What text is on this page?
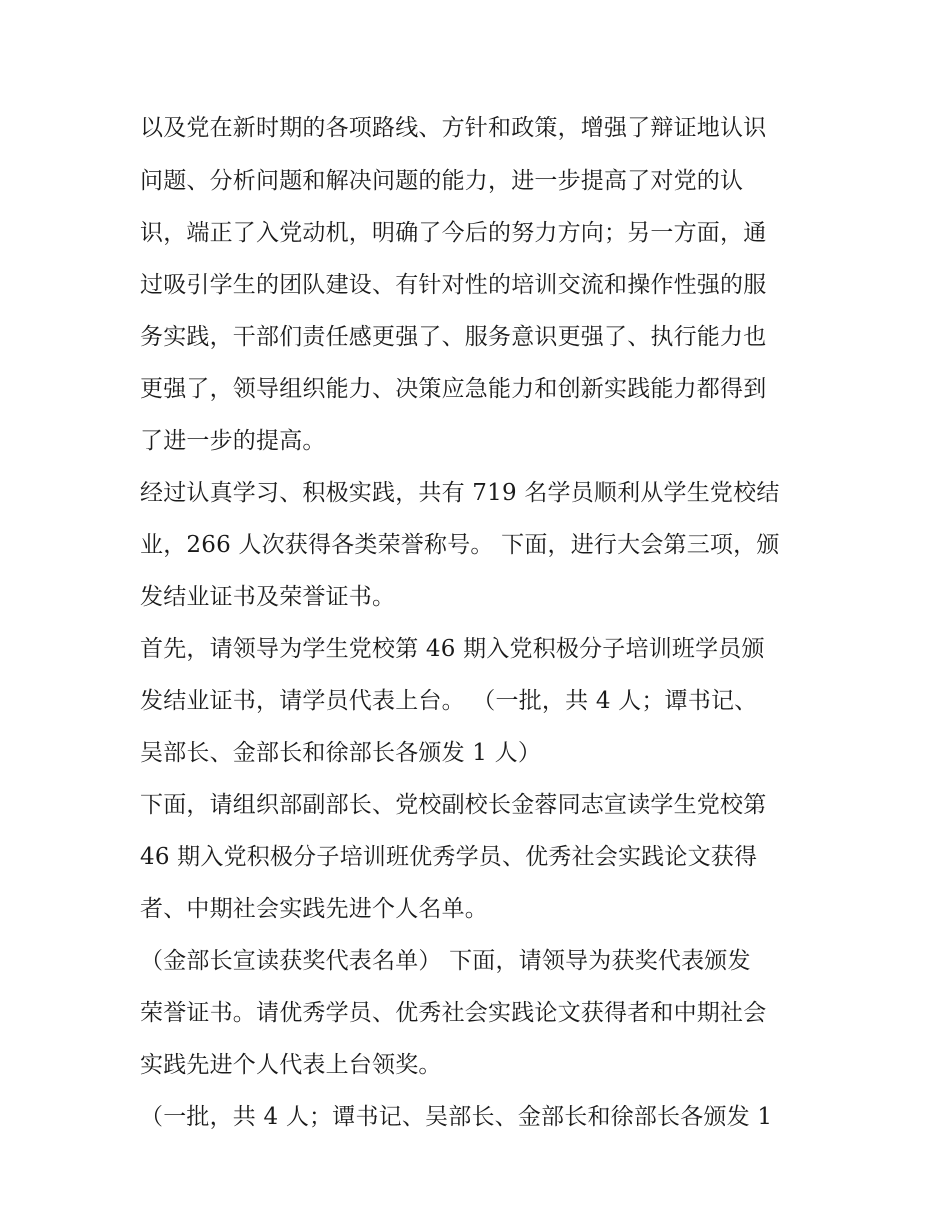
以及党在新时期的各项路线、方针和政策，增强了辩证地认识
问题、分析问题和解决问题的能力，进一步提高了对党的认
识，端正了入党动机，明确了今后的努力方向；另一方面，通
过吸引学生的团队建设、有针对性的培训交流和操作性强的服
务实践，干部们责任感更强了、服务意识更强了、执行能力也
更强了，领导组织能力、决策应急能力和创新实践能力都得到
了进一步的提高。
经过认真学习、积极实践，共有 719 名学员顺利从学生党校结
业，266 人次获得各类荣誉称号。 下面，进行大会第三项，颁
发结业证书及荣誉证书。
首先，请领导为学生党校第 46 期入党积极分子培训班学员颁
发结业证书，请学员代表上台。 （一批，共 4 人；谭书记、
吴部长、金部长和徐部长各颁发 1 人）
下面，请组织部副部长、党校副校长金蓉同志宣读学生党校第
46 期入党积极分子培训班优秀学员、优秀社会实践论文获得
者、中期社会实践先进个人名单。
（金部长宣读获奖代表名单） 下面，请领导为获奖代表颁发
荣誉证书。请优秀学员、优秀社会实践论文获得者和中期社会
实践先进个人代表上台领奖。
（一批，共 4 人；谭书记、吴部长、金部长和徐部长各颁发 1
